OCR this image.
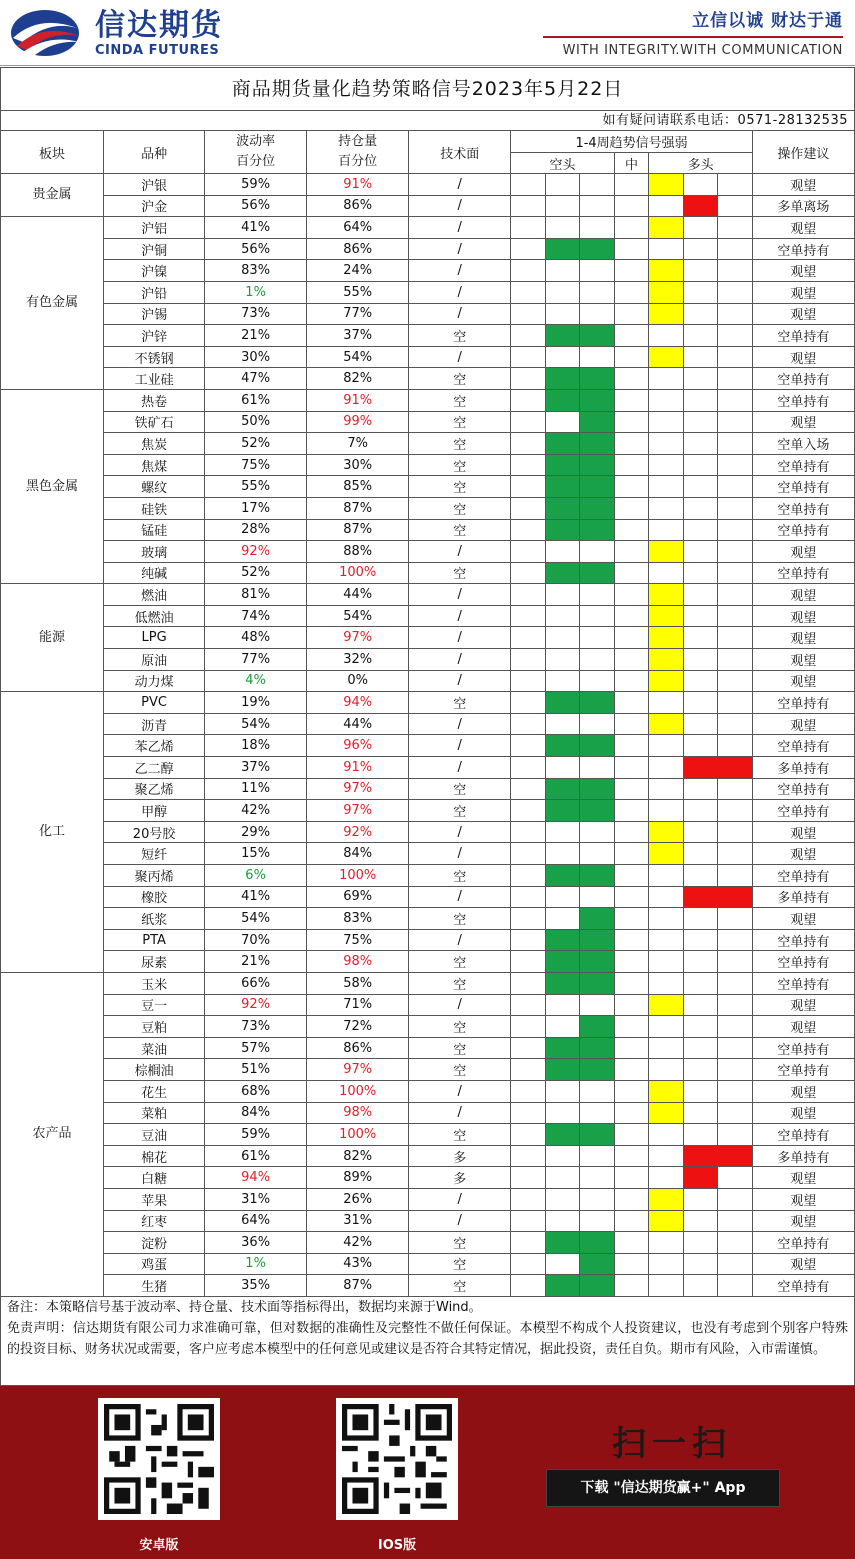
信达期货
CINDA FUTURES
立信以诚 财达于通
WITH INTEGRITY.WITH COMMUNICATION
商品期货量化趋势策略信号2023年5月22日
如有疑问请联系电话：0571-28132535
板块	品种	波动率
百分位	持仓量
百分位	技术面	1-4周趋势信号强弱							操作建议
					空头			中	多头			
贵金属	沪银	59%	91%	/								观望
	沪金	56%	86%	/								多单离场
有色金属	沪铝	41%	64%	/								观望
	沪铜	56%	86%	/								空单持有
	沪镍	83%	24%	/								观望
	沪铅	1%	55%	/								观望
	沪锡	73%	77%	/								观望
	沪锌	21%	37%	空								空单持有
	不锈钢	30%	54%	/								观望
	工业硅	47%	82%	空								空单持有
黑色金属	热卷	61%	91%	空								空单持有
	铁矿石	50%	99%	空								观望
	焦炭	52%	7%	空								空单入场
	焦煤	75%	30%	空								空单持有
	螺纹	55%	85%	空								空单持有
	硅铁	17%	87%	空								空单持有
	锰硅	28%	87%	空								空单持有
	玻璃	92%	88%	/								观望
	纯碱	52%	100%	空								空单持有
能源	燃油	81%	44%	/								观望
	低燃油	74%	54%	/								观望
	LPG	48%	97%	/								观望
	原油	77%	32%	/								观望
	动力煤	4%	0%	/								观望
化工	PVC	19%	94%	空								空单持有
	沥青	54%	44%	/								观望
	苯乙烯	18%	96%	/								空单持有
	乙二醇	37%	91%	/								多单持有
	聚乙烯	11%	97%	空								空单持有
	甲醇	42%	97%	空								空单持有
	20号胶	29%	92%	/								观望
	短纤	15%	84%	/								观望
	聚丙烯	6%	100%	空								空单持有
	橡胶	41%	69%	/								多单持有
	纸浆	54%	83%	空								观望
	PTA	70%	75%	/								空单持有
	尿素	21%	98%	空								空单持有
农产品	玉米	66%	58%	空								空单持有
	豆一	92%	71%	/								观望
	豆粕	73%	72%	空								观望
	菜油	57%	86%	空								空单持有
	棕榈油	51%	97%	空								空单持有
	花生	68%	100%	/								观望
	菜粕	84%	98%	/								观望
	豆油	59%	100%	空								空单持有
	棉花	61%	82%	多								多单持有
	白糖	94%	89%	多								观望
	苹果	31%	26%	/								观望
	红枣	64%	31%	/								观望
	淀粉	36%	42%	空								空单持有
	鸡蛋	1%	43%	空								观望
	生猪	35%	87%	空								空单持有

备注：本策略信号基于波动率、持仓量、技术面等指标得出，数据均来源于Wind。

免责声明：信达期货有限公司力求准确可靠，但对数据的准确性及完整性不做任何保证。本模型不构成个人投资建议，也没有考虑到个别客户特殊的投资目标、财务状况或需要，客户应考虑本模型中的任何意见或建议是否符合其特定情况，据此投资，责任自负。期市有风险，入市需谨慎。

安卓版	IOS版
扫一扫
下载 "信达期货赢+" App
